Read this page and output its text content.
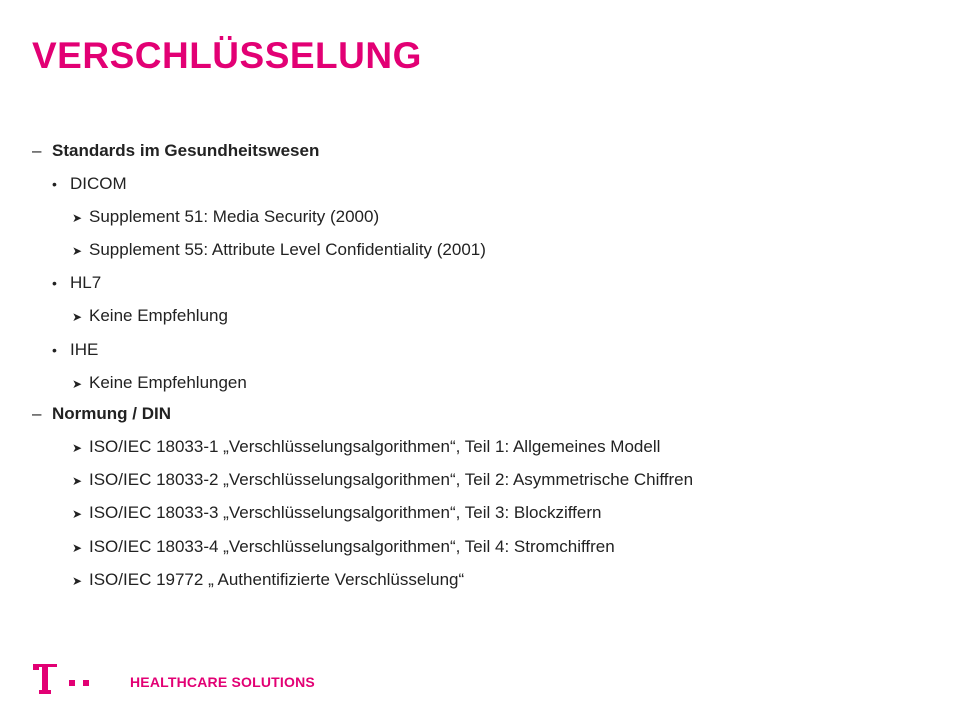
VERSCHLÜSSELUNG
– Standards im Gesundheitswesen
• DICOM
➤ Supplement 51: Media Security (2000)
➤ Supplement 55: Attribute Level Confidentiality (2001)
• HL7
➤ Keine Empfehlung
• IHE
➤ Keine Empfehlungen
– Normung / DIN
➤ ISO/IEC 18033-1 „Verschlüsselungsalgorithmen“, Teil 1: Allgemeines Modell
➤ ISO/IEC 18033-2 „Verschlüsselungsalgorithmen“, Teil 2: Asymmetrische Chiffren
➤ ISO/IEC 18033-3 „Verschlüsselungsalgorithmen“, Teil 3: Blockziffern
➤ ISO/IEC 18033-4 „Verschlüsselungsalgorithmen“, Teil 4: Stromchiffren
➤ ISO/IEC 19772 „ Authentifizierte Verschlüsselung“
HEALTHCARE SOLUTIONS
